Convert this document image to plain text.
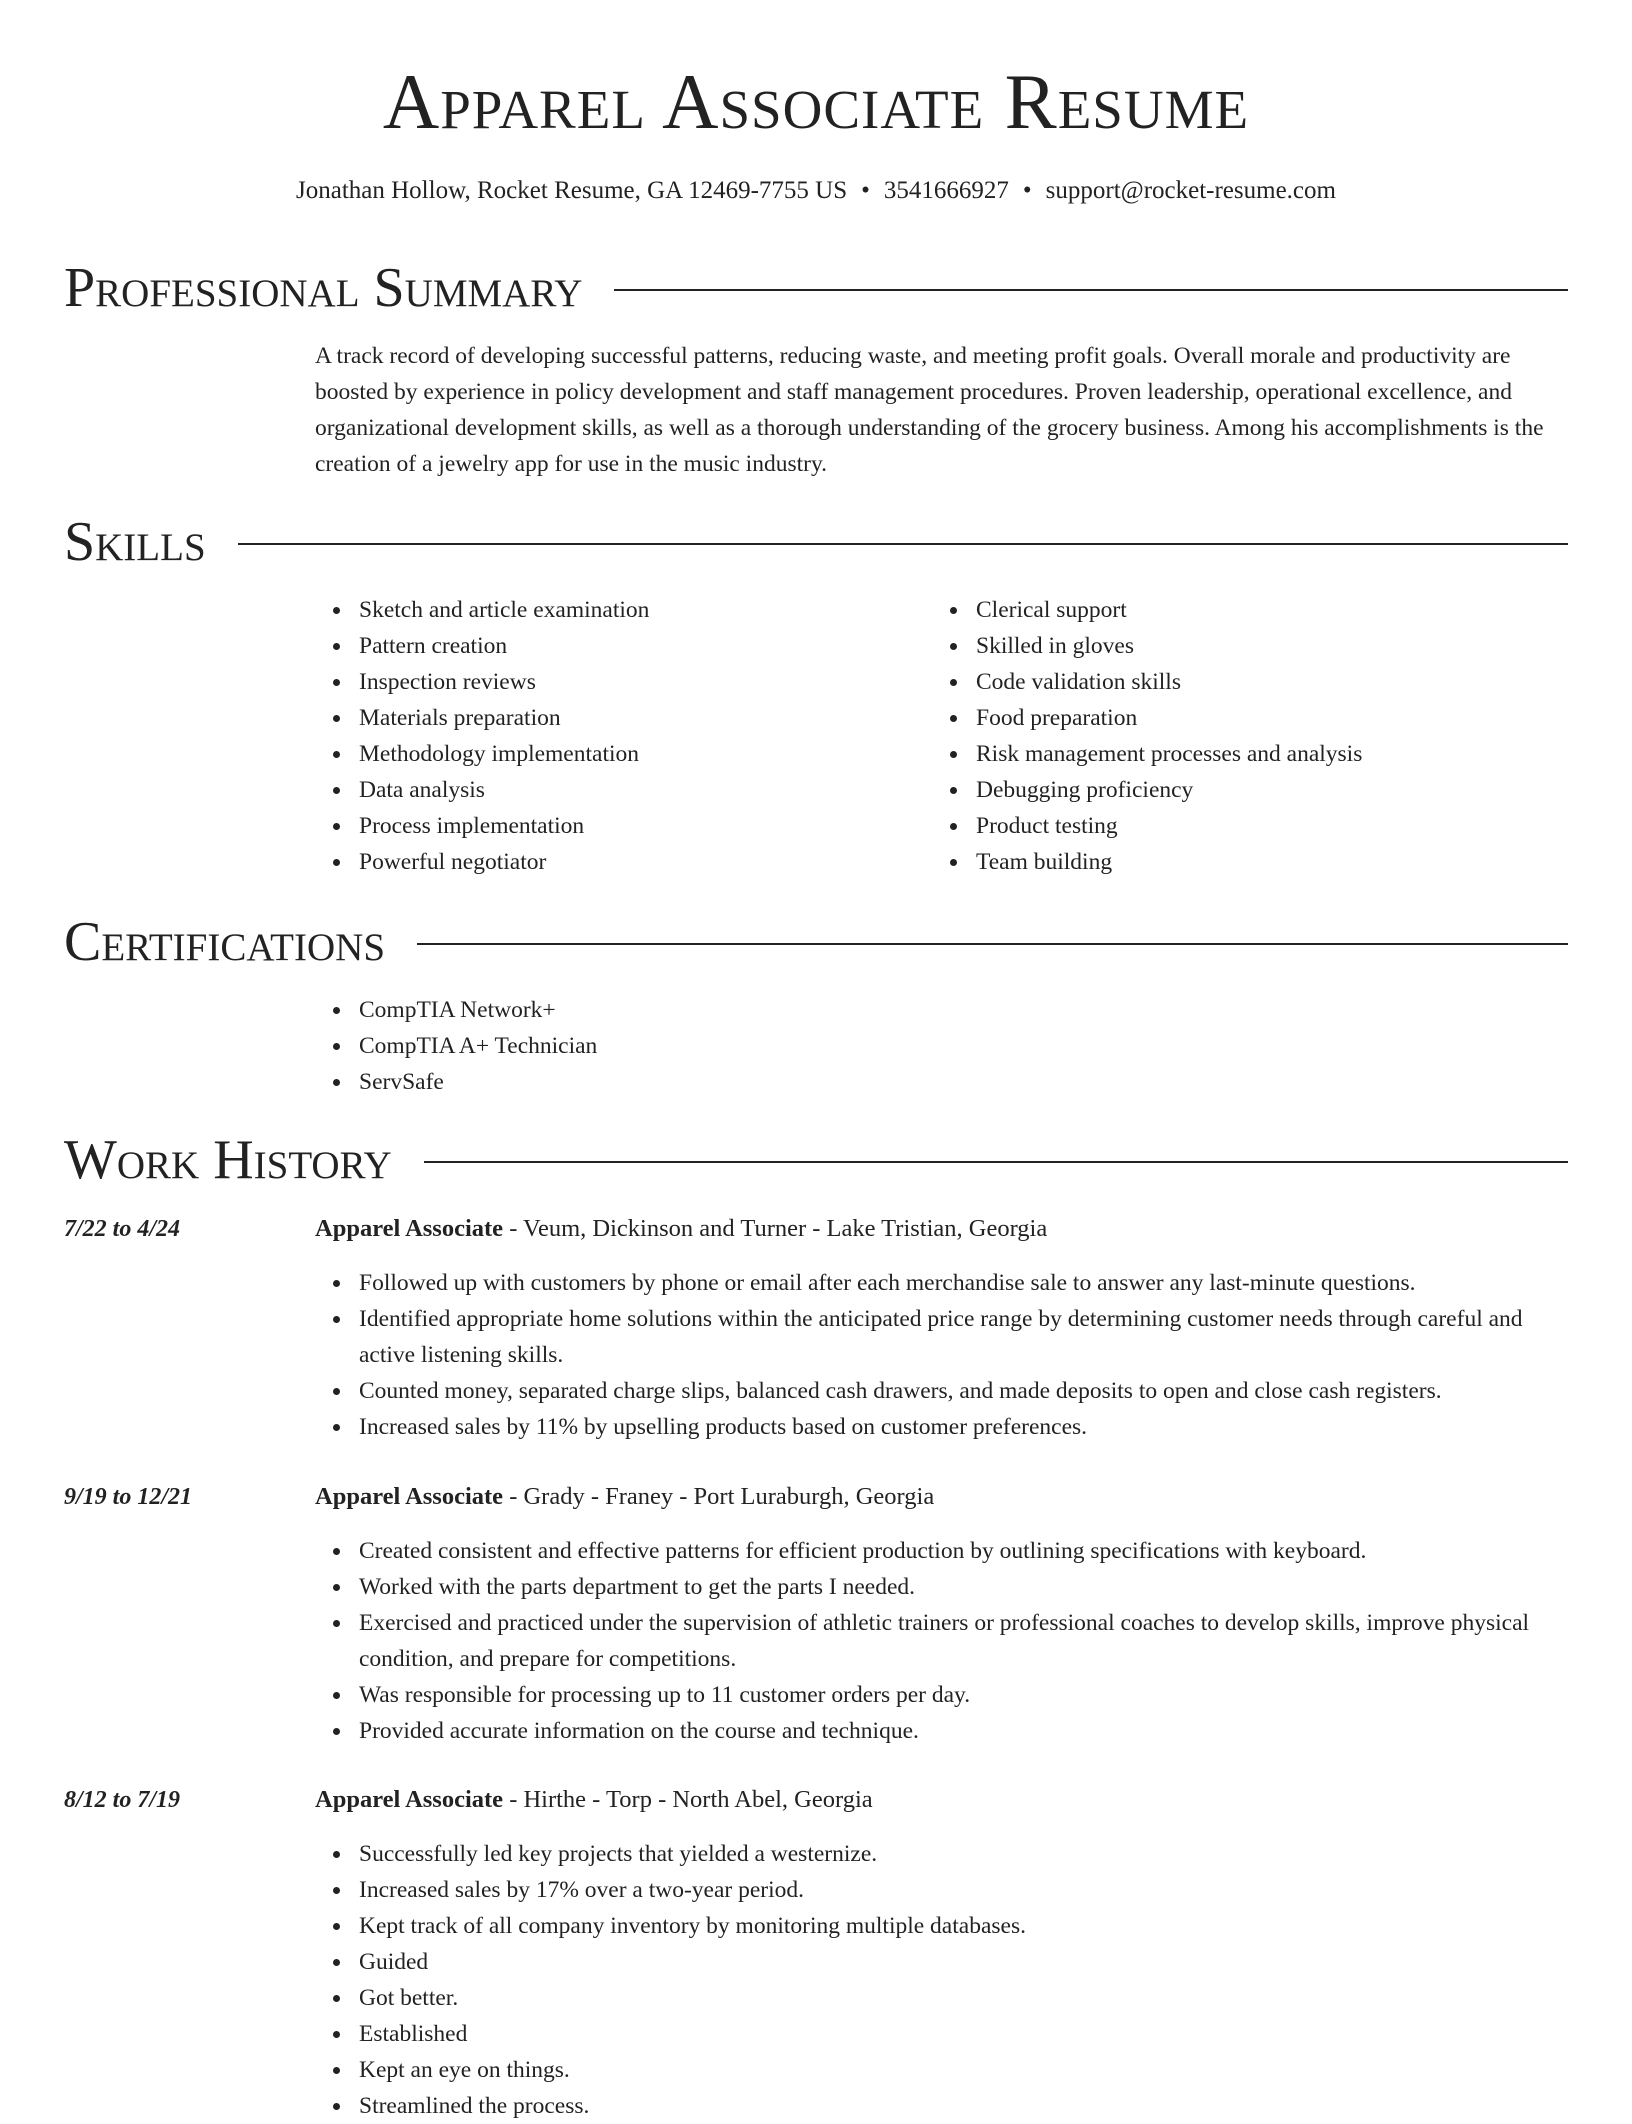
Apparel Associate Resume
Jonathan Hollow, Rocket Resume, GA 12469-7755 US • 3541666927 • support@rocket-resume.com
Professional Summary
A track record of developing successful patterns, reducing waste, and meeting profit goals. Overall morale and productivity are boosted by experience in policy development and staff management procedures. Proven leadership, operational excellence, and organizational development skills, as well as a thorough understanding of the grocery business. Among his accomplishments is the creation of a jewelry app for use in the music industry.
Skills
Sketch and article examination
Pattern creation
Inspection reviews
Materials preparation
Methodology implementation
Data analysis
Process implementation
Powerful negotiator
Clerical support
Skilled in gloves
Code validation skills
Food preparation
Risk management processes and analysis
Debugging proficiency
Product testing
Team building
Certifications
CompTIA Network+
CompTIA A+ Technician
ServSafe
Work History
7/22 to 4/24	Apparel Associate - Veum, Dickinson and Turner - Lake Tristian, Georgia
Followed up with customers by phone or email after each merchandise sale to answer any last-minute questions.
Identified appropriate home solutions within the anticipated price range by determining customer needs through careful and active listening skills.
Counted money, separated charge slips, balanced cash drawers, and made deposits to open and close cash registers.
Increased sales by 11% by upselling products based on customer preferences.
9/19 to 12/21	Apparel Associate - Grady - Franey - Port Luraburgh, Georgia
Created consistent and effective patterns for efficient production by outlining specifications with keyboard.
Worked with the parts department to get the parts I needed.
Exercised and practiced under the supervision of athletic trainers or professional coaches to develop skills, improve physical condition, and prepare for competitions.
Was responsible for processing up to 11 customer orders per day.
Provided accurate information on the course and technique.
8/12 to 7/19	Apparel Associate - Hirthe - Torp - North Abel, Georgia
Successfully led key projects that yielded a westernize.
Increased sales by 17% over a two-year period.
Kept track of all company inventory by monitoring multiple databases.
Guided
Got better.
Established
Kept an eye on things.
Streamlined the process.
